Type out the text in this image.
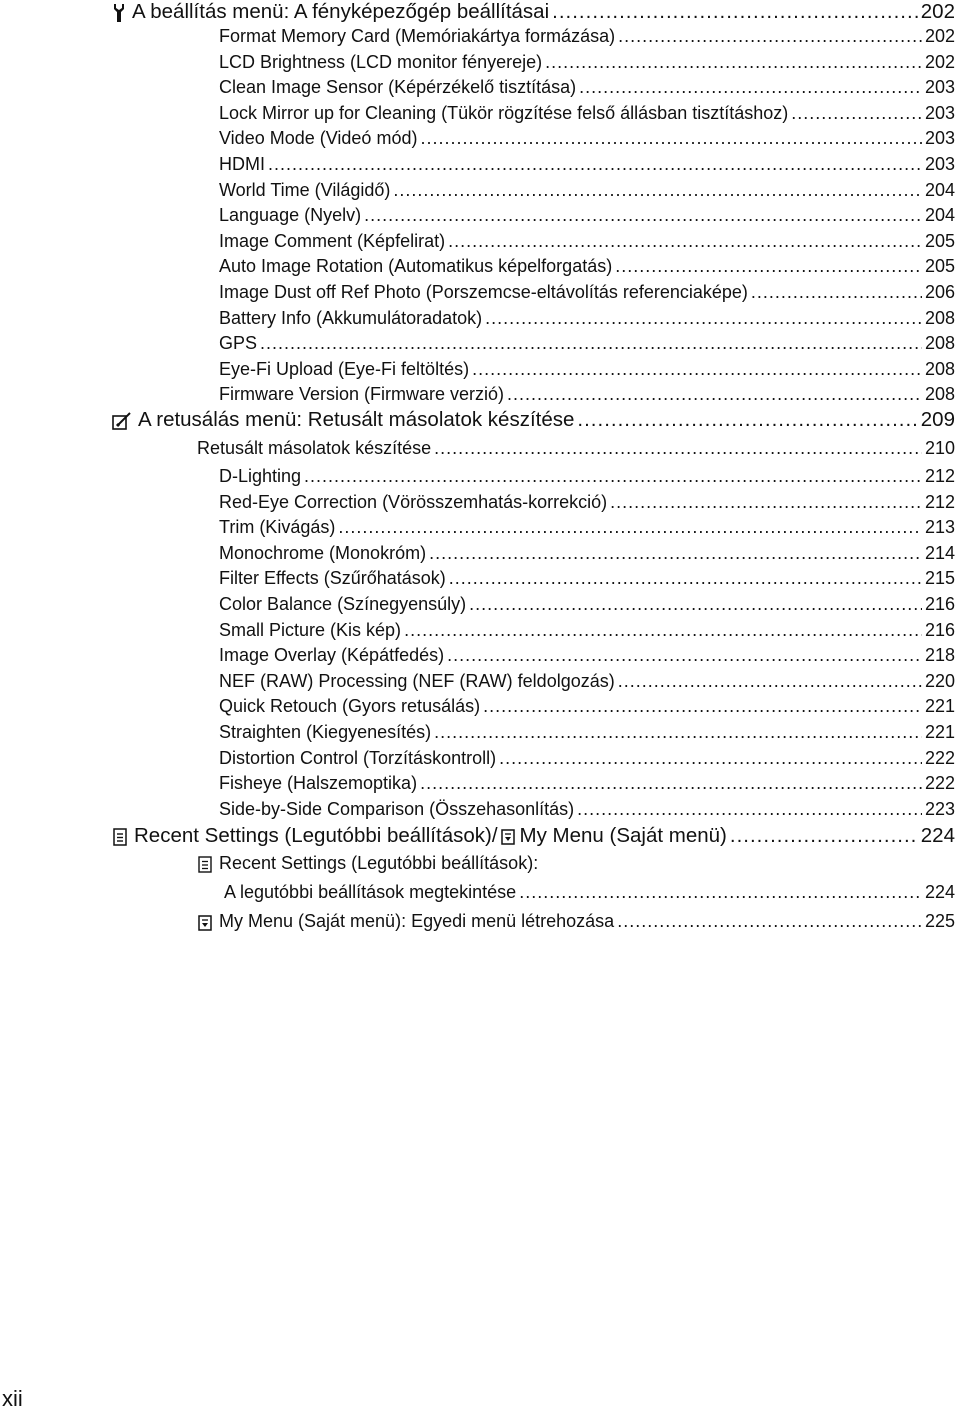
A beállítás menü: A fényképezőgép beállításai .....	202
Format Memory Card (Memóriakártya formázása) .....	202
LCD Brightness (LCD monitor fényereje) .....	202
Clean Image Sensor (Képérzékelő tisztítása) .....	203
Lock Mirror up for Cleaning (Tükör rögzítése felső állásban tisztításhoz) .....	203
Video Mode (Videó mód) .....	203
HDMI .....	203
World Time (Világidő) .....	204
Language (Nyelv) .....	204
Image Comment (Képfelirat) .....	205
Auto Image Rotation (Automatikus képelforgatás) .....	205
Image Dust off Ref Photo (Porszemcse-eltávolítás referenciaképe) .....	206
Battery Info (Akkumulátoradatok) .....	208
GPS .....	208
Eye-Fi Upload (Eye-Fi feltöltés) .....	208
Firmware Version (Firmware verzió) .....	208
A retusálás menü: Retusált másolatok készítése .....	209
Retusált másolatok készítése .....	210
D-Lighting .....	212
Red-Eye Correction (Vörösszemhatás-korrekció) .....	212
Trim (Kivágás) .....	213
Monochrome (Monokróm) .....	214
Filter Effects (Szűrőhatások) .....	215
Color Balance (Színegyensúly) .....	216
Small Picture (Kis kép) .....	216
Image Overlay (Képátfedés) .....	218
NEF (RAW) Processing (NEF (RAW) feldolgozás) .....	220
Quick Retouch (Gyors retusálás) .....	221
Straighten (Kiegyenesítés) .....	221
Distortion Control (Torzításkontroll) .....	222
Fisheye (Halszemoptika) .....	222
Side-by-Side Comparison (Összehasonlítás) .....	223
Recent Settings (Legutóbbi beállítások)/ My Menu (Saját menü) .....	224
Recent Settings (Legutóbbi beállítások):
A legutóbbi beállítások megtekintése .....	224
My Menu (Saját menü): Egyedi menü létrehozása .....	225
xii
